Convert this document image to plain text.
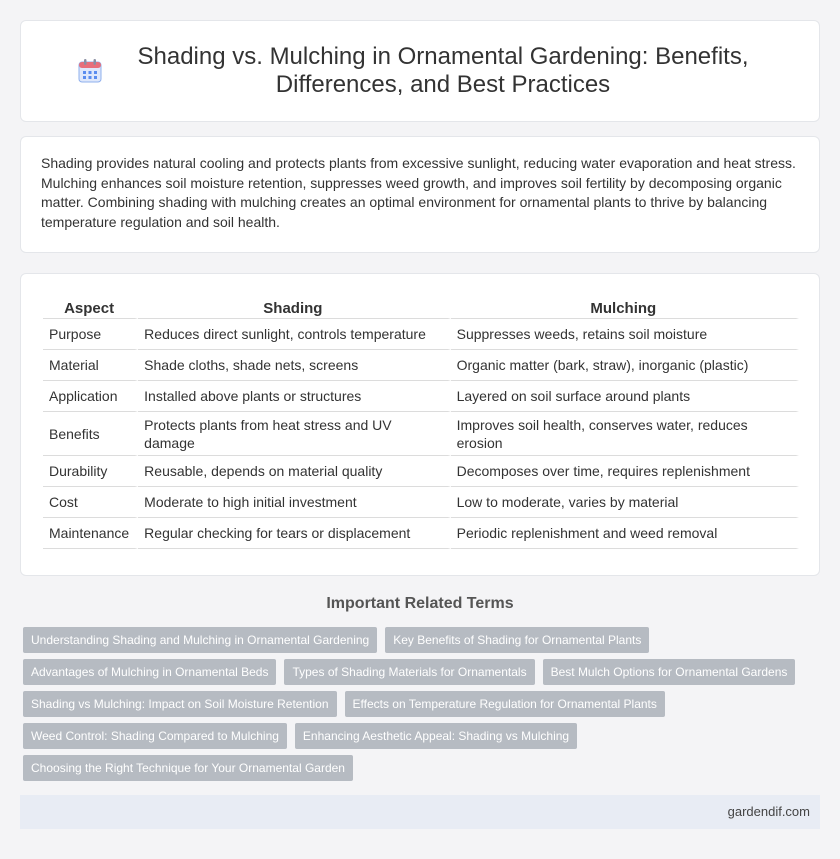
Shading vs. Mulching in Ornamental Gardening: Benefits, Differences, and Best Practices

Shading provides natural cooling and protects plants from excessive sunlight, reducing water evaporation and heat stress. Mulching enhances soil moisture retention, suppresses weed growth, and improves soil fertility by decomposing organic matter. Combining shading with mulching creates an optimal environment for ornamental plants to thrive by balancing temperature regulation and soil health.

Aspect	Shading	Mulching
Purpose	Reduces direct sunlight, controls temperature	Suppresses weeds, retains soil moisture
Material	Shade cloths, shade nets, screens	Organic matter (bark, straw), inorganic (plastic)
Application	Installed above plants or structures	Layered on soil surface around plants
Benefits	Protects plants from heat stress and UV damage	Improves soil health, conserves water, reduces erosion
Durability	Reusable, depends on material quality	Decomposes over time, requires replenishment
Cost	Moderate to high initial investment	Low to moderate, varies by material
Maintenance	Regular checking for tears or displacement	Periodic replenishment and weed removal
Important Related Terms
Understanding Shading and Mulching in Ornamental Gardening	Key Benefits of Shading for Ornamental Plants
Advantages of Mulching in Ornamental Beds	Types of Shading Materials for Ornamentals	Best Mulch Options for Ornamental Gardens
Shading vs Mulching: Impact on Soil Moisture Retention	Effects on Temperature Regulation for Ornamental Plants
Weed Control: Shading Compared to Mulching	Enhancing Aesthetic Appeal: Shading vs Mulching
Choosing the Right Technique for Your Ornamental Garden
gardendif.com
